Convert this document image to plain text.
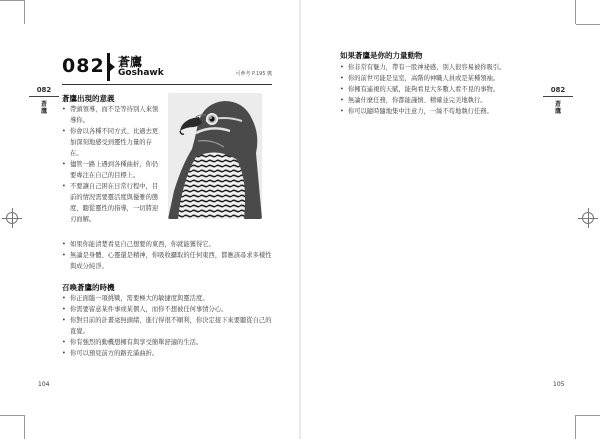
082
蒼鷹
082 蒼鷹
Goshawk	可參考 P.195 鷹
蒼鷹出現的意義
• 帶頭領導，而不是等待別人來領導你。
• 你會以各種不同方式、比過去更加深刻地感受到靈性力量的存在。
• 儘管一路上遇到各種曲折，你仍要專注在自己的目標上。
• 不要讓自己困在日常行程中，目前的情況需要靈活度與優雅的態度，聽從靈性的指導，一切將迎刃而解。
• 如果你能清楚看見自己想要的東西，你就能獲得它。
• 無論是身體、心靈還是精神，你吸收攝取的任何東西，都應該尋求多樣性與成分純淨。
召喚蒼鷹的時機
• 你正面臨一項挑戰，需要極大的敏捷度與靈活度。
• 你需要留意某件事或某個人，而你不想被任何事情分心。
• 你對目前的計畫毫無頭緒，進行得很不順利，你決定接下來要聽從自己的直覺。
• 你有強烈的動機想擁有與享受簡單舒適的生活。
• 你可以預見前方的路充滿曲折。
104
如果蒼鷹是你的力量動物
• 你非常有魅力，帶有一股神祕感，別人很容易被你吸引。
• 你的前世可能是皇室，高階的神職人員或是某種領袖。
• 你擁有遙視的天賦，能夠看見大多數人看不見的事物。
• 無論什麼任務，你都能謹慎、精確並完美地執行。
• 你可以隨時隨地集中注意力，一絲不苟地執行任務。
082
蒼鷹
105
